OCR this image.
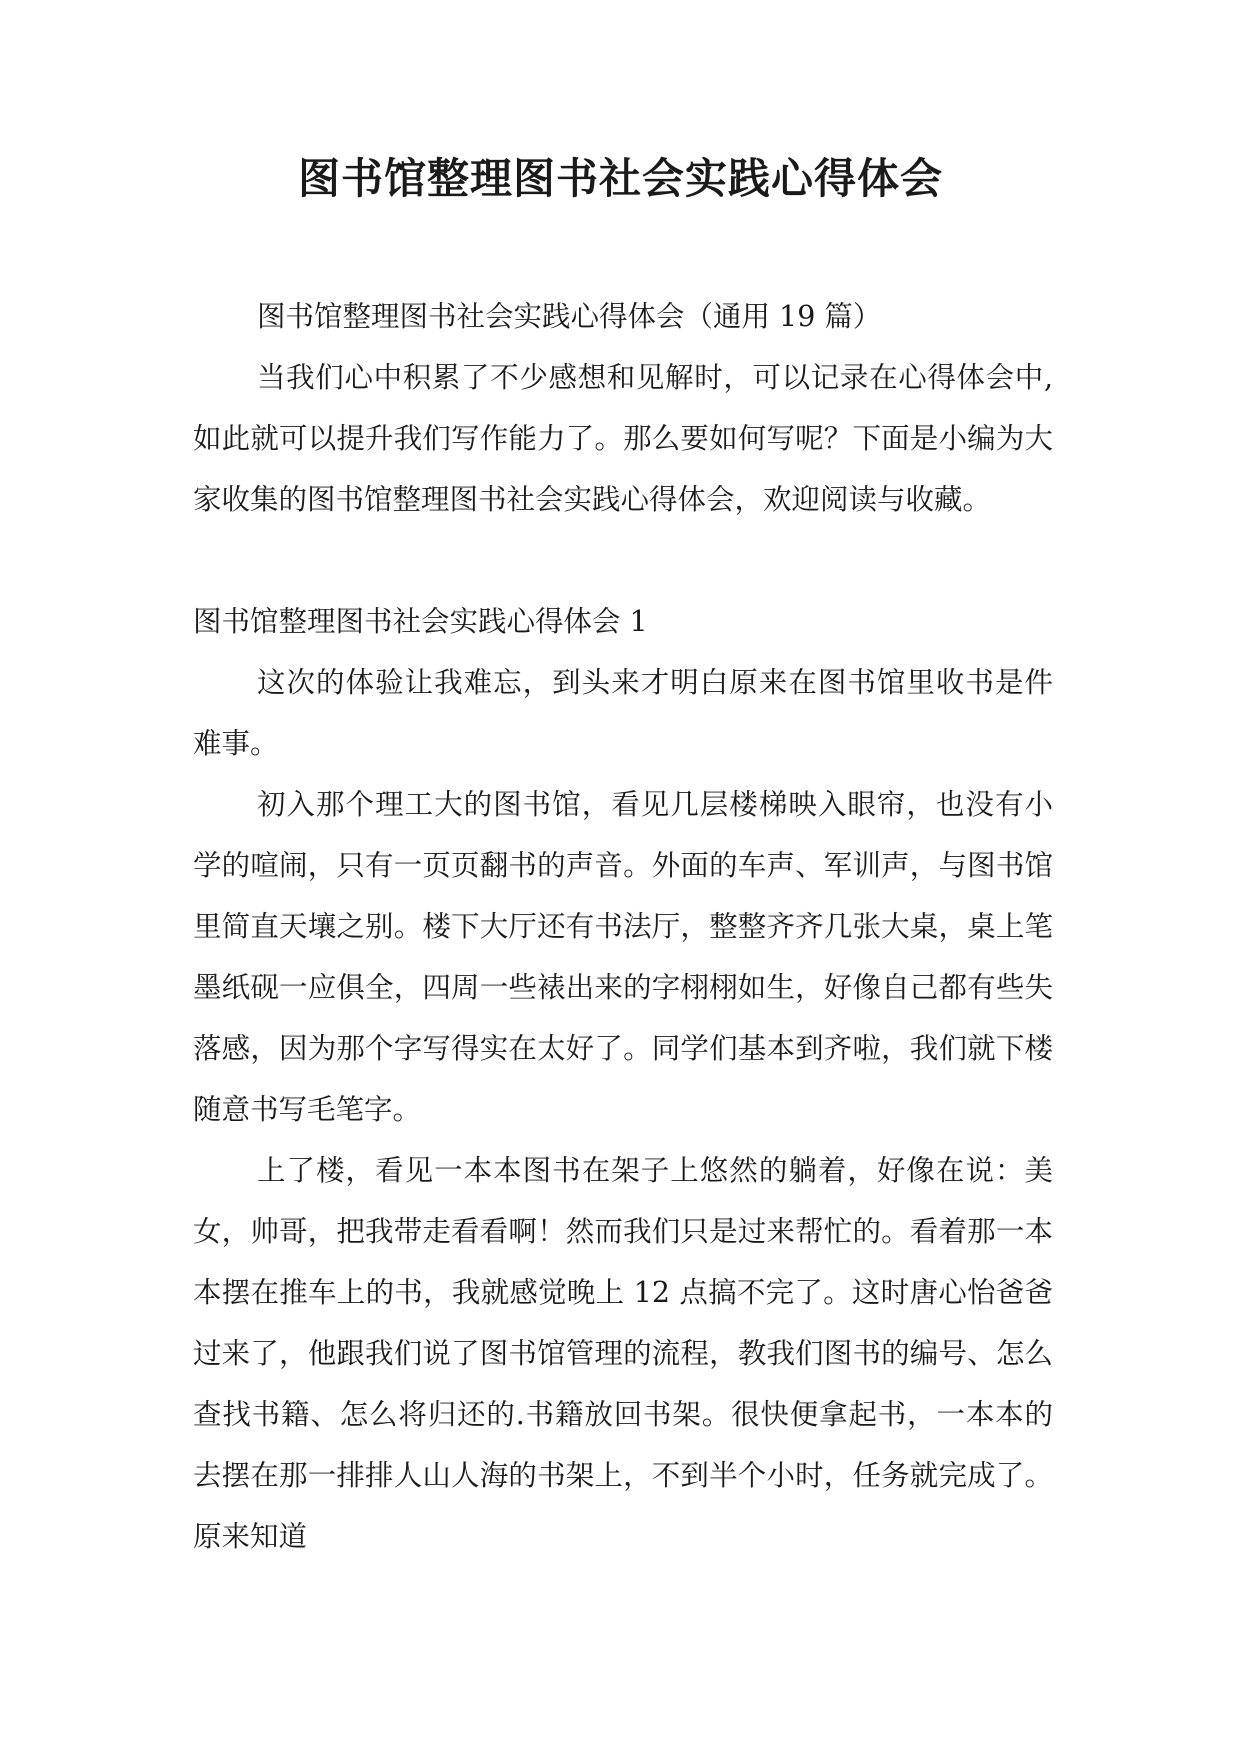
图书馆整理图书社会实践心得体会

图书馆整理图书社会实践心得体会（通用 19 篇）

当我们心中积累了不少感想和见解时，可以记录在心得体会中,如此就可以提升我们写作能力了。那么要如何写呢？下面是小编为大家收集的图书馆整理图书社会实践心得体会，欢迎阅读与收藏。

图书馆整理图书社会实践心得体会 1

这次的体验让我难忘，到头来才明白原来在图书馆里收书是件难事。

初入那个理工大的图书馆，看见几层楼梯映入眼帘，也没有小学的喧闹，只有一页页翻书的声音。外面的车声、军训声，与图书馆里简直天壤之别。楼下大厅还有书法厅，整整齐齐几张大桌，桌上笔墨纸砚一应俱全，四周一些裱出来的字栩栩如生，好像自己都有些失落感，因为那个字写得实在太好了。同学们基本到齐啦，我们就下楼随意书写毛笔字。

上了楼，看见一本本图书在架子上悠然的躺着，好像在说：美女，帅哥，把我带走看看啊！然而我们只是过来帮忙的。看着那一本本摆在推车上的书，我就感觉晚上 12 点搞不完了。这时唐心怡爸爸过来了，他跟我们说了图书馆管理的流程，教我们图书的编号、怎么查找书籍、怎么将归还的.书籍放回书架。很快便拿起书，一本本的去摆在那一排排人山人海的书架上，不到半个小时，任务就完成了。原来知道
